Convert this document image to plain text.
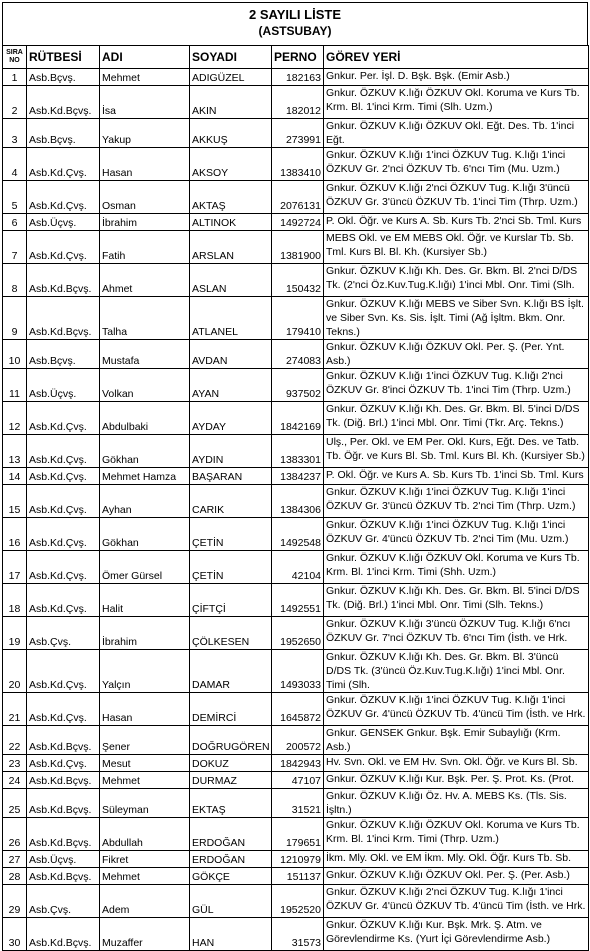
2 SAYILI LİSTE
(ASTSUBAY)
SIRA NO	RÜTBESİ	ADI	SOYADI	PERNO	GÖREV YERİ
1	Asb.Bçvş.	Mehmet	ADIGÜZEL	182163	Gnkur. Per. İşl. D. Bşk. Bşk. (Emir Asb.)
2	Asb.Kd.Bçvş.	İsa	AKIN	182012	Gnkur. ÖZKUV K.lığı ÖZKUV Okl. Koruma ve Kurs Tb. Krm. Bl. 1'inci Krm. Timi (Slh. Uzm.)
3	Asb.Bçvş.	Yakup	AKKUŞ	273991	Gnkur. ÖZKUV K.lığı ÖZKUV Okl. Eğt. Des. Tb. 1'inci Eğt.
4	Asb.Kd.Çvş.	Hasan	AKSOY	1383410	Gnkur. ÖZKUV K.lığı 1'inci ÖZKUV Tug. K.lığı 1'inci ÖZKUV Gr. 2'nci ÖZKUV Tb. 6'ncı Tim (Mu. Uzm.)
5	Asb.Kd.Çvş.	Osman	AKTAŞ	2076131	Gnkur. ÖZKUV K.lığı 2'nci ÖZKUV Tug. K.lığı 3'üncü ÖZKUV Gr. 3'üncü ÖZKUV Tb. 1'inci Tim (Thrp. Uzm.)
6	Asb.Üçvş.	İbrahim	ALTINOK	1492724	P. Okl. Öğr. ve Kurs A. Sb. Kurs Tb. 2'nci Sb. Tml. Kurs
7	Asb.Kd.Çvş.	Fatih	ARSLAN	1381900	MEBS Okl. ve EM MEBS Okl. Öğr. ve Kurslar Tb. Sb. Tml. Kurs Bl. Bl. Kh. (Kursiyer Sb.)
8	Asb.Kd.Bçvş.	Ahmet	ASLAN	150432	Gnkur. ÖZKUV K.lığı Kh. Des. Gr. Bkm. Bl. 2'nci D/DS Tk. (2'nci Öz.Kuv.Tug.K.lığı) 1'inci Mbl. Onr. Timi (Slh.
9	Asb.Kd.Bçvş.	Talha	ATLANEL	179410	Gnkur. ÖZKUV K.lığı MEBS ve Siber Svn. K.lığı BS İşlt. ve Siber Svn. Ks. Sis. İşlt. Timi (Ağ İşltm. Bkm. Onr. Tekns.)
10	Asb.Bçvş.	Mustafa	AVDAN	274083	Gnkur. ÖZKUV K.lığı ÖZKUV Okl. Per. Ş. (Per. Ynt. Asb.)
11	Asb.Üçvş.	Volkan	AYAN	937502	Gnkur. ÖZKUV K.lığı 1'inci ÖZKUV Tug. K.lığı 2'nci ÖZKUV Gr. 8'inci ÖZKUV Tb. 1'inci Tim (Thrp. Uzm.)
12	Asb.Kd.Çvş.	Abdulbaki	AYDAY	1842169	Gnkur. ÖZKUV K.lığı Kh. Des. Gr. Bkm. Bl. 5'inci D/DS Tk. (Diğ. Brl.) 1'inci Mbl. Onr. Timi (Tkr. Arç. Tekns.)
13	Asb.Kd.Çvş.	Gökhan	AYDIN	1383301	Ulş., Per. Okl. ve EM Per. Okl. Kurs, Eğt. Des. ve Tatb. Tb. Öğr. ve Kurs Bl. Sb. Tml. Kurs Bl. Kh. (Kursiyer Sb.)
14	Asb.Kd.Çvş.	Mehmet Hamza	BAŞARAN	1384237	P. Okl. Öğr. ve Kurs A. Sb. Kurs Tb. 1'inci Sb. Tml. Kurs
15	Asb.Kd.Çvş.	Ayhan	CARIK	1384306	Gnkur. ÖZKUV K.lığı 1'inci ÖZKUV Tug. K.lığı 1'inci ÖZKUV Gr. 3'üncü ÖZKUV Tb. 2'nci Tim (Thrp. Uzm.)
16	Asb.Kd.Çvş.	Gökhan	ÇETİN	1492548	Gnkur. ÖZKUV K.lığı 1'inci ÖZKUV Tug. K.lığı 1'inci ÖZKUV Gr. 4'üncü ÖZKUV Tb. 2'nci Tim (Mu. Uzm.)
17	Asb.Kd.Çvş.	Ömer Gürsel	ÇETİN	42104	Gnkur. ÖZKUV K.lığı ÖZKUV Okl. Koruma ve Kurs Tb. Krm. Bl. 1'inci Krm. Timi (Shh. Uzm.)
18	Asb.Kd.Çvş.	Halit	ÇİFTÇİ	1492551	Gnkur. ÖZKUV K.lığı Kh. Des. Gr. Bkm. Bl. 5'inci D/DS Tk. (Diğ. Brl.) 1'inci Mbl. Onr. Timi (Slh. Tekns.)
19	Asb.Çvş.	İbrahim	ÇÖLKESEN	1952650	Gnkur. ÖZKUV K.lığı 3'üncü ÖZKUV Tug. K.lığı 6'ncı ÖZKUV Gr. 7'nci ÖZKUV Tb. 6'ncı Tim (İsth. ve Hrk.
20	Asb.Kd.Çvş.	Yalçın	DAMAR	1493033	Gnkur. ÖZKUV K.lığı Kh. Des. Gr. Bkm. Bl. 3'üncü D/DS Tk. (3'üncü Öz.Kuv.Tug.K.lığı) 1'inci Mbl. Onr. Timi (Slh.
21	Asb.Kd.Çvş.	Hasan	DEMİRCİ	1645872	Gnkur. ÖZKUV K.lığı 1'inci ÖZKUV Tug. K.lığı 1'inci ÖZKUV Gr. 4'üncü ÖZKUV Tb. 4'üncü Tim (İsth. ve Hrk.
22	Asb.Kd.Bçvş.	Şener	DOĞRUGÖREN	200572	Gnkur. GENSEK Gnkur. Bşk. Emir Subaylığı (Krm. Asb.)
23	Asb.Kd.Çvş.	Mesut	DOKUZ	1842943	Hv. Svn. Okl. ve EM Hv. Svn. Okl. Öğr. ve Kurs Bl. Sb.
24	Asb.Kd.Bçvş.	Mehmet	DURMAZ	47107	Gnkur. ÖZKUV K.lığı Kur. Bşk. Per. Ş. Prot. Ks. (Prot.
25	Asb.Kd.Bçvş.	Süleyman	EKTAŞ	31521	Gnkur. ÖZKUV K.lığı Öz. Hv. A. MEBS Ks. (Tls. Sis. İşltn.)
26	Asb.Kd.Bçvş.	Abdullah	ERDOĞAN	179651	Gnkur. ÖZKUV K.lığı ÖZKUV Okl. Koruma ve Kurs Tb. Krm. Bl. 1'inci Krm. Timi (Thrp. Uzm.)
27	Asb.Üçvş.	Fikret	ERDOĞAN	1210979	İkm. Mly. Okl. ve EM İkm. Mly. Okl. Öğr. Kurs Tb. Sb.
28	Asb.Kd.Bçvş.	Mehmet	GÖKÇE	151137	Gnkur. ÖZKUV K.lığı ÖZKUV Okl. Per. Ş. (Per. Asb.)
29	Asb.Çvş.	Adem	GÜL	1952520	Gnkur. ÖZKUV K.lığı 2'nci ÖZKUV Tug. K.lığı 1'inci ÖZKUV Gr. 4'üncü ÖZKUV Tb. 4'üncü Tim (İsth. ve Hrk.
30	Asb.Kd.Bçvş.	Muzaffer	HAN	31573	Gnkur. ÖZKUV K.lığı Kur. Bşk. Mrk. Ş. Atm. ve Görevlendirme Ks. (Yurt İçi Görevlendirme Asb.)
